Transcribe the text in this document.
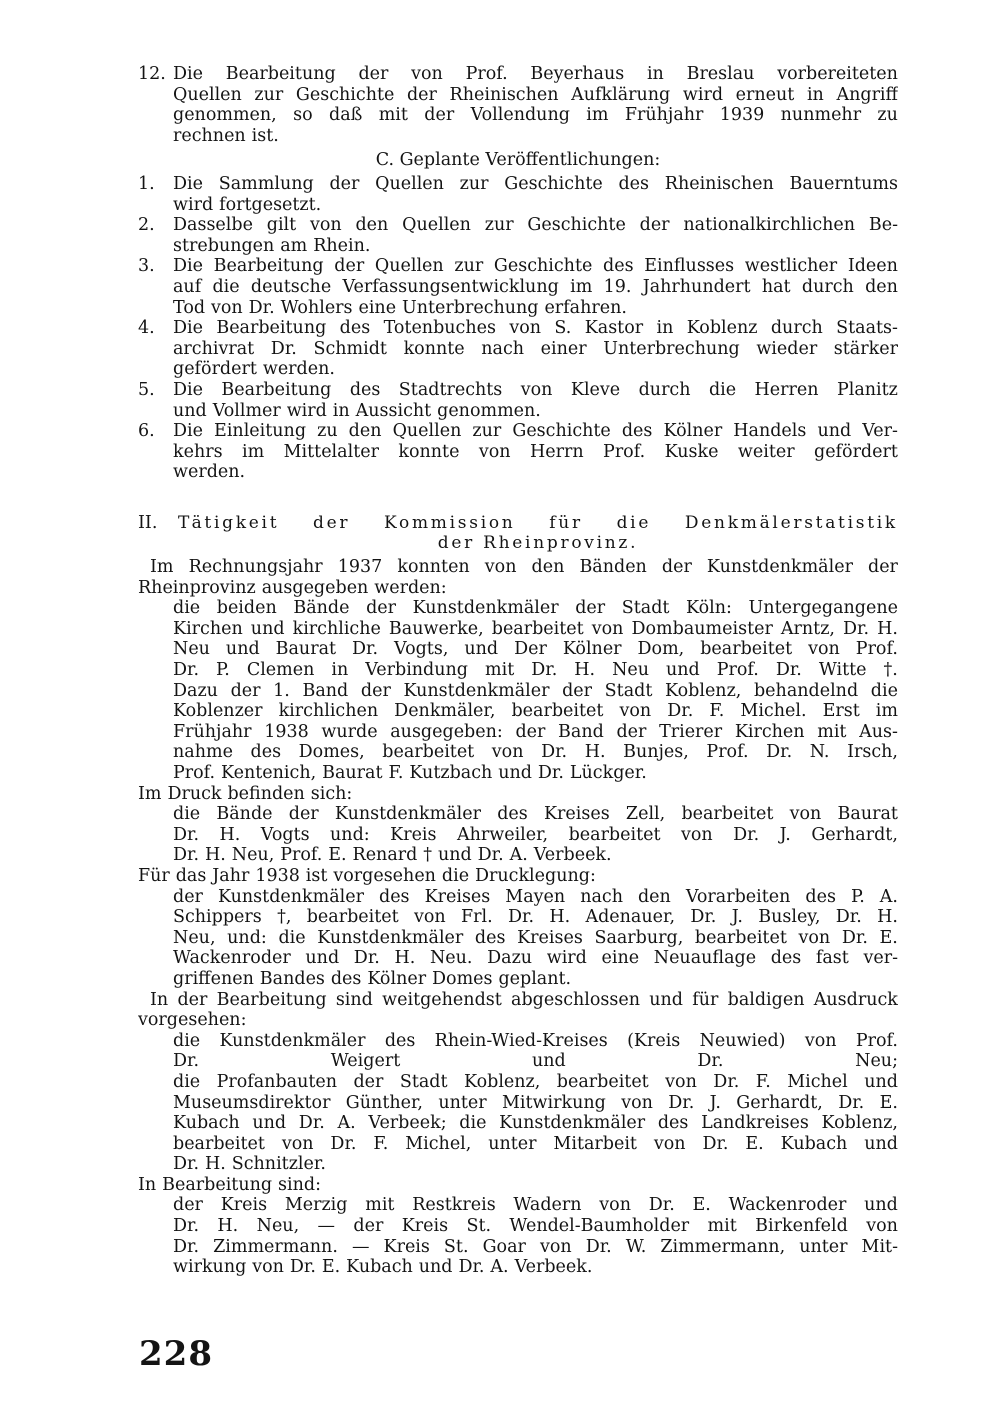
12. Die Bearbeitung der von Prof. Beyerhaus in Breslau vorbereiteten
Quellen zur Geschichte der Rheinischen Aufklärung wird erneut in Angriff
genommen, so daß mit der Vollendung im Frühjahr 1939 nunmehr zu
rechnen ist.
C. Geplante Veröffentlichungen:
1.	Die Sammlung der Quellen zur Geschichte des Rheinischen Bauerntums
wird fortgesetzt.
2.	Dasselbe gilt von den Quellen zur Geschichte der nationalkirchlichen Be-
strebungen am Rhein.
3.	Die Bearbeitung der Quellen zur Geschichte des Einflusses westlicher Ideen
auf die deutsche Verfassungsentwicklung im 19. Jahrhundert hat durch den
Tod von Dr. Wohlers eine Unterbrechung erfahren.
4.	Die Bearbeitung des Totenbuches von S. Kastor in Koblenz durch Staats-
archivrat Dr. Schmidt konnte nach einer Unterbrechung wieder stärker
gefördert werden.
5.	Die Bearbeitung des Stadtrechts von Kleve durch die Herren Planitz
und Vollmer wird in Aussicht genommen.
6.	Die Einleitung zu den Quellen zur Geschichte des Kölner Handels und Ver-
kehrs im Mittelalter konnte von Herrn Prof. Kuske weiter gefördert
werden.
II.	Tätigkeit der Kommission für die Denkmälerstatistik
der Rheinprovinz.
Im Rechnungsjahr 1937 konnten von den Bänden der Kunstdenkmäler der
Rheinprovinz ausgegeben werden:
die beiden Bände der Kunstdenkmäler der Stadt Köln: Untergegangene
Kirchen und kirchliche Bauwerke, bearbeitet von Dombaumeister Arntz, Dr. H.
Neu und Baurat Dr. Vogts, und Der Kölner Dom, bearbeitet von Prof.
Dr. P. Clemen in Verbindung mit Dr. H. Neu und Prof. Dr. Witte †.
Dazu der 1. Band der Kunstdenkmäler der Stadt Koblenz, behandelnd die
Koblenzer kirchlichen Denkmäler, bearbeitet von Dr. F. Michel. Erst im
Frühjahr 1938 wurde ausgegeben: der Band der Trierer Kirchen mit Aus-
nahme des Domes, bearbeitet von Dr. H. Bunjes, Prof. Dr. N. Irsch,
Prof. Kentenich, Baurat F. Kutzbach und Dr. Lückger.
Im Druck befinden sich:
die Bände der Kunstdenkmäler des Kreises Zell, bearbeitet von Baurat
Dr. H. Vogts und: Kreis Ahrweiler, bearbeitet von Dr. J. Gerhardt,
Dr. H. Neu, Prof. E. Renard † und Dr. A. Verbeek.
Für das Jahr 1938 ist vorgesehen die Drucklegung:
der Kunstdenkmäler des Kreises Mayen nach den Vorarbeiten des P. A.
Schippers †, bearbeitet von Frl. Dr. H. Adenauer, Dr. J. Busley, Dr. H.
Neu, und: die Kunstdenkmäler des Kreises Saarburg, bearbeitet von Dr. E.
Wackenroder und Dr. H. Neu. Dazu wird eine Neuauflage des fast ver-
griffenen Bandes des Kölner Domes geplant.
In der Bearbeitung sind weitgehendst abgeschlossen und für baldigen Ausdruck
vorgesehen:
die Kunstdenkmäler des Rhein-Wied-Kreises (Kreis Neuwied) von Prof.
Dr.	Weigert	und	Dr.	Neu;
die Profanbauten der Stadt Koblenz, bearbeitet von Dr. F. Michel und
Museumsdirektor Günther, unter Mitwirkung von Dr. J. Gerhardt, Dr. E.
Kubach und Dr. A. Verbeek; die Kunstdenkmäler des Landkreises Koblenz,
bearbeitet von Dr. F. Michel, unter Mitarbeit von Dr. E. Kubach und
Dr. H. Schnitzler.
In Bearbeitung sind:
der Kreis Merzig mit Restkreis Wadern von Dr. E. Wackenroder und
Dr. H. Neu, — der Kreis St. Wendel-Baumholder mit Birkenfeld von
Dr. Zimmermann. — Kreis St. Goar von Dr. W. Zimmermann, unter Mit-
wirkung von Dr. E. Kubach und Dr. A. Verbeek.
228
